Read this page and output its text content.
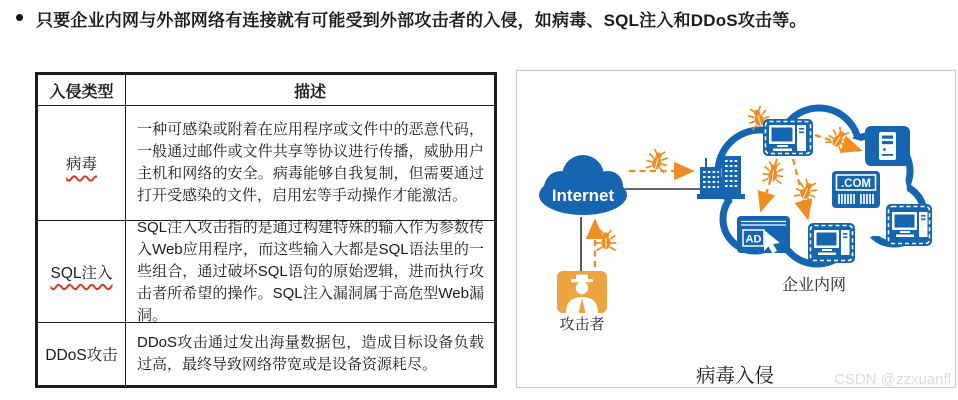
只要企业内网与外部网络有连接就有可能受到外部攻击者的入侵，如病毒、SQL注入和DDoS攻击等。
入侵类型	描述
病毒
一种可感染或附着在应用程序或文件中的恶意代码，一般通过邮件或文件共享等协议进行传播，威胁用户主机和网络的安全。病毒能够自我复制，但需要通过打开受感染的文件，启用宏等手动操作才能激活。
SQL注入
SQL注入攻击指的是通过构建特殊的输入作为参数传入Web应用程序，而这些输入大都是SQL语法里的一些组合，通过破坏SQL语句的原始逻辑，进而执行攻击者所希望的操作。SQL注入漏洞属于高危型Web漏洞。
DDoS攻击
DDoS攻击通过发出海量数据包，造成目标设备负载过高，最终导致网络带宽或是设备资源耗尽。
Internet
.COM
AD
攻击者
企业内网
病毒入侵	CSDN @zzxuanfl
